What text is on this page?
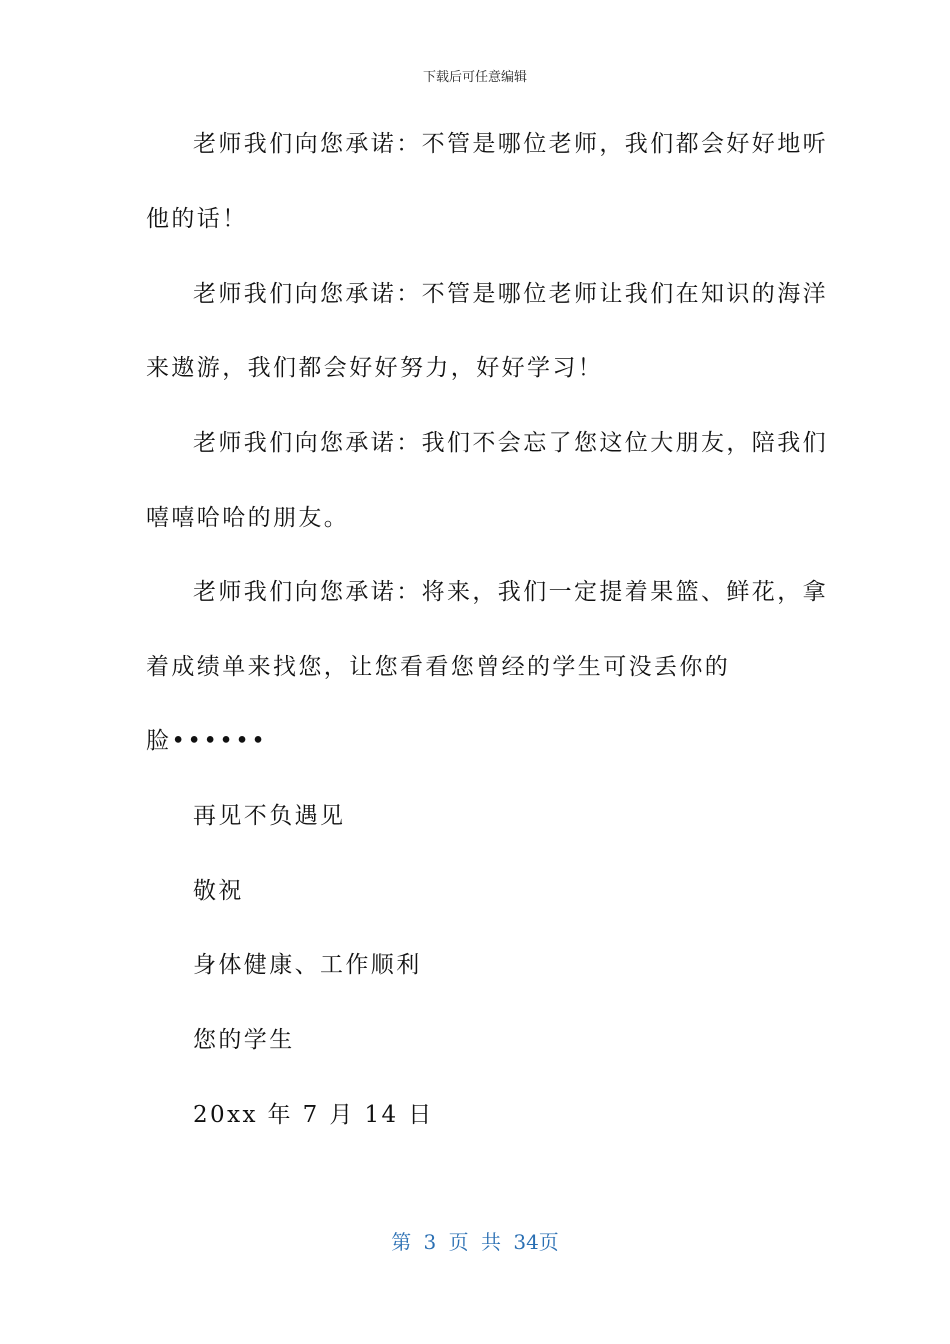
下载后可任意编辑
老师我们向您承诺：不管是哪位老师，我们都会好好地听
他的话！
老师我们向您承诺：不管是哪位老师让我们在知识的海洋
来遨游，我们都会好好努力，好好学习！
老师我们向您承诺：我们不会忘了您这位大朋友，陪我们
嘻嘻哈哈的朋友。
老师我们向您承诺：将来，我们一定提着果篮、鲜花，拿
着成绩单来找您，让您看看您曾经的学生可没丢你的
脸••••••
再见不负遇见
敬祝
身体健康、工作顺利
您的学生
20xx 年 7 月 14 日
第 3 页 共 34页
